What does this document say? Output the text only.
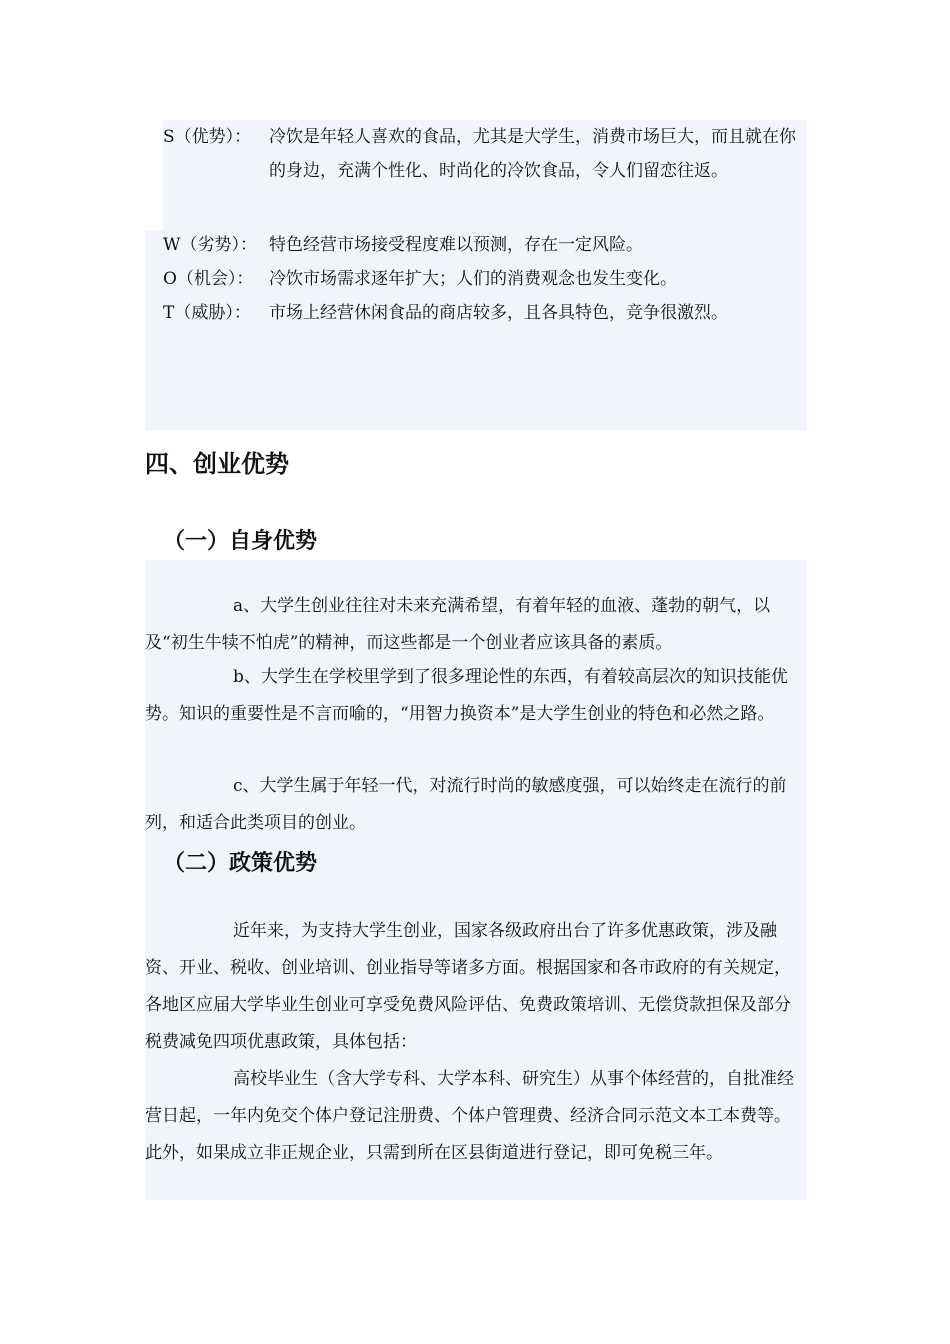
S（优势）： 冷饮是年轻人喜欢的食品，尤其是大学生，消费市场巨大，而且就在你的身边，充满个性化、时尚化的冷饮食品，令人们留恋往返。
W（劣势）： 特色经营市场接受程度难以预测，存在一定风险。
O（机会）： 冷饮市场需求逐年扩大；人们的消费观念也发生变化。
T（威胁）： 市场上经营休闲食品的商店较多，且各具特色，竞争很激烈。
四、创业优势
（一）自身优势
a、大学生创业往往对未来充满希望，有着年轻的血液、蓬勃的朝气，以及“初生牛犊不怕虎”的精神，而这些都是一个创业者应该具备的素质。
b、大学生在学校里学到了很多理论性的东西，有着较高层次的知识技能优势。知识的重要性是不言而喻的，“用智力换资本”是大学生创业的特色和必然之路。
c、大学生属于年轻一代，对流行时尚的敏感度强，可以始终走在流行的前列，和适合此类项目的创业。
（二）政策优势
近年来，为支持大学生创业，国家各级政府出台了许多优惠政策，涉及融资、开业、税收、创业培训、创业指导等诸多方面。根据国家和各市政府的有关规定，各地区应届大学毕业生创业可享受免费风险评估、免费政策培训、无偿贷款担保及部分税费减免四项优惠政策，具体包括：
高校毕业生（含大学专科、大学本科、研究生）从事个体经营的，自批准经营日起，一年内免交个体户登记注册费、个体户管理费、经济合同示范文本工本费等。此外，如果成立非正规企业，只需到所在区县街道进行登记，即可免税三年。
